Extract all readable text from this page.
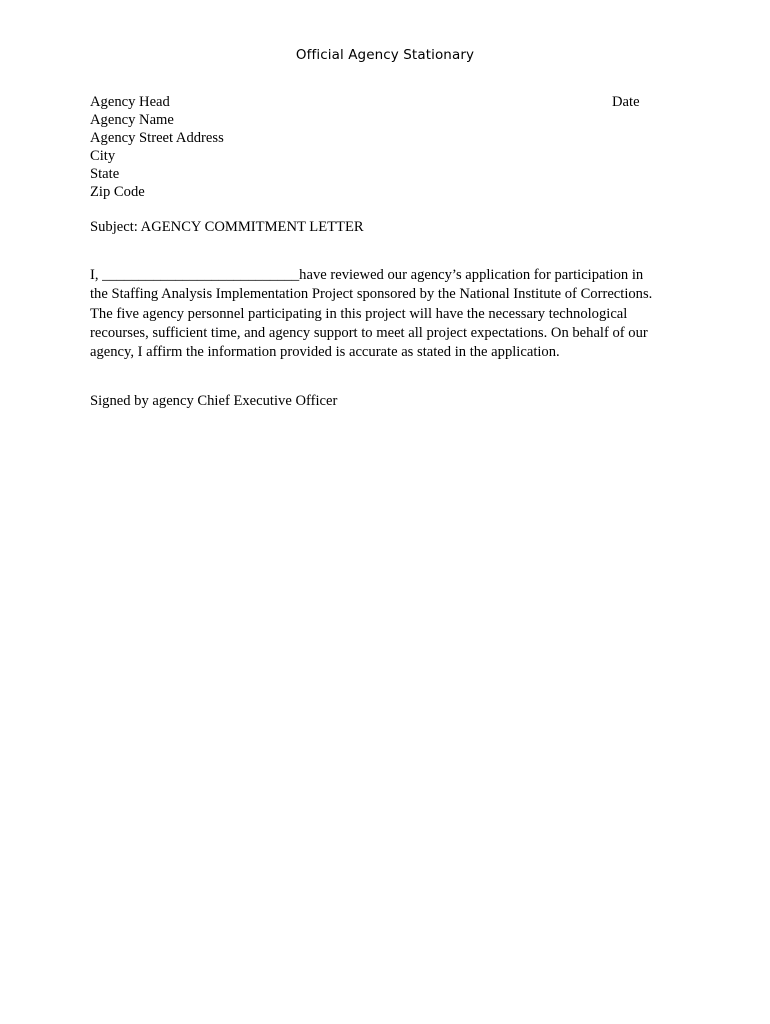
Official Agency Stationary
Agency Head
Agency Name
Agency Street Address
City
State
Zip Code
Date
Subject: AGENCY COMMITMENT LETTER
I, ___________________________have reviewed our agency’s application for participation in
the Staffing Analysis Implementation Project sponsored by the National Institute of Corrections.
The five agency personnel participating in this project will have the necessary technological
recourses, sufficient time, and agency support to meet all project expectations. On behalf of our
agency, I affirm the information provided is accurate as stated in the application.
Signed by agency Chief Executive Officer
